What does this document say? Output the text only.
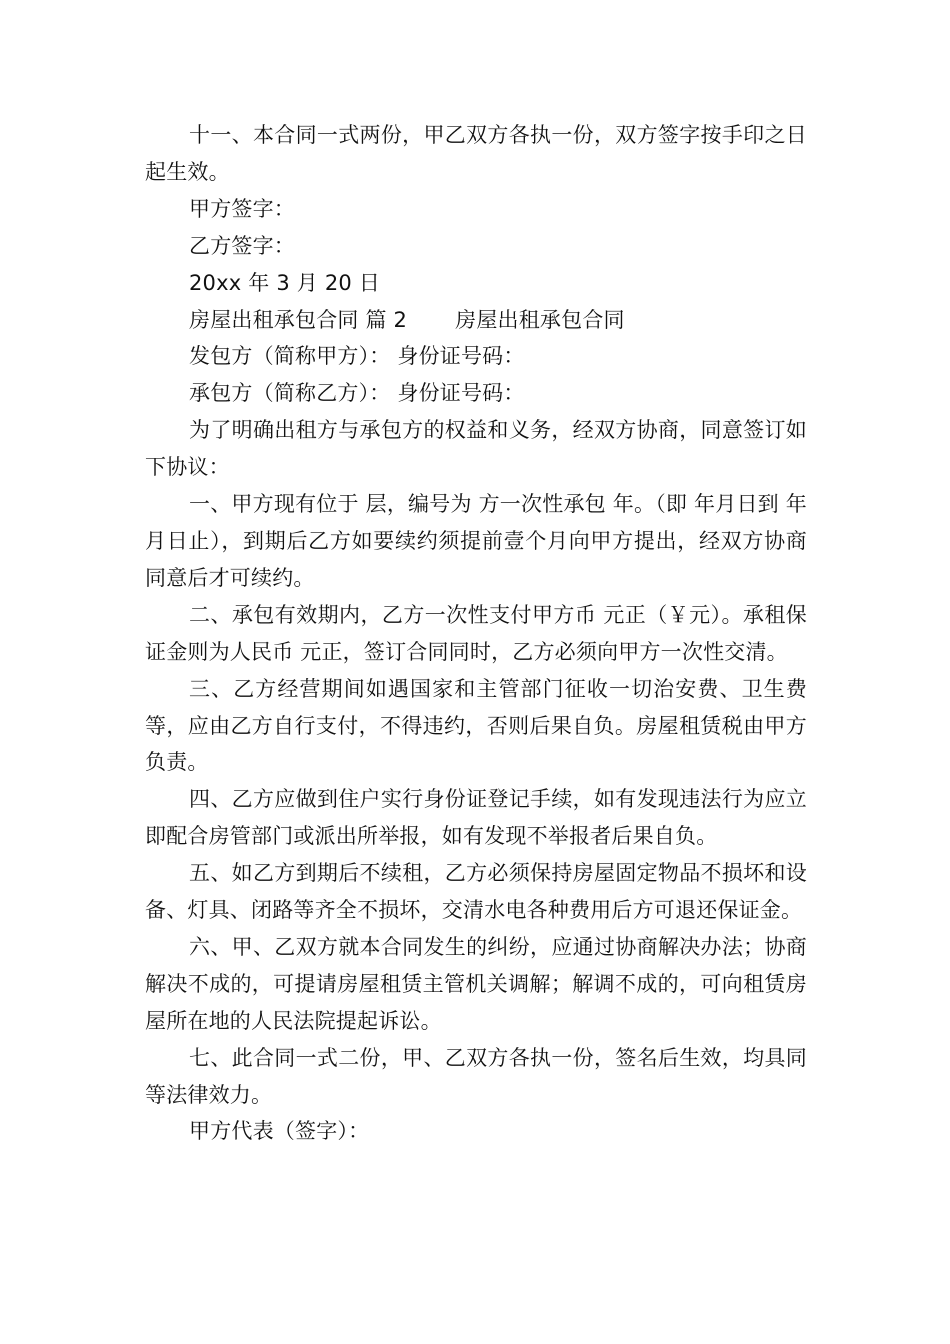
十一、本合同一式两份，甲乙双方各执一份，双方签字按手印之日起生效。

甲方签字：

乙方签字：

20xx 年 3 月 20 日

房屋出租承包合同 篇 2 房屋出租承包合同

发包方（简称甲方）： 身份证号码：

承包方（简称乙方）： 身份证号码：

为了明确出租方与承包方的权益和义务，经双方协商，同意签订如下协议：

一、甲方现有位于 层，编号为 方一次性承包 年。（即 年月日到 年 月日止），到期后乙方如要续约须提前壹个月向甲方提出，经双方协商同意后才可续约。

二、承包有效期内，乙方一次性支付甲方币 元正（￥元）。承租保证金则为人民币 元正，签订合同同时，乙方必须向甲方一次性交清。

三、乙方经营期间如遇国家和主管部门征收一切治安费、卫生费等，应由乙方自行支付，不得违约，否则后果自负。房屋租赁税由甲方负责。

四、乙方应做到住户实行身份证登记手续，如有发现违法行为应立即配合房管部门或派出所举报，如有发现不举报者后果自负。

五、如乙方到期后不续租，乙方必须保持房屋固定物品不损坏和设备、灯具、闭路等齐全不损坏，交清水电各种费用后方可退还保证金。

六、甲、乙双方就本合同发生的纠纷，应通过协商解决办法；协商解决不成的，可提请房屋租赁主管机关调解；解调不成的，可向租赁房屋所在地的人民法院提起诉讼。

七、此合同一式二份，甲、乙双方各执一份，签名后生效，均具同等法律效力。

甲方代表（签字）：
